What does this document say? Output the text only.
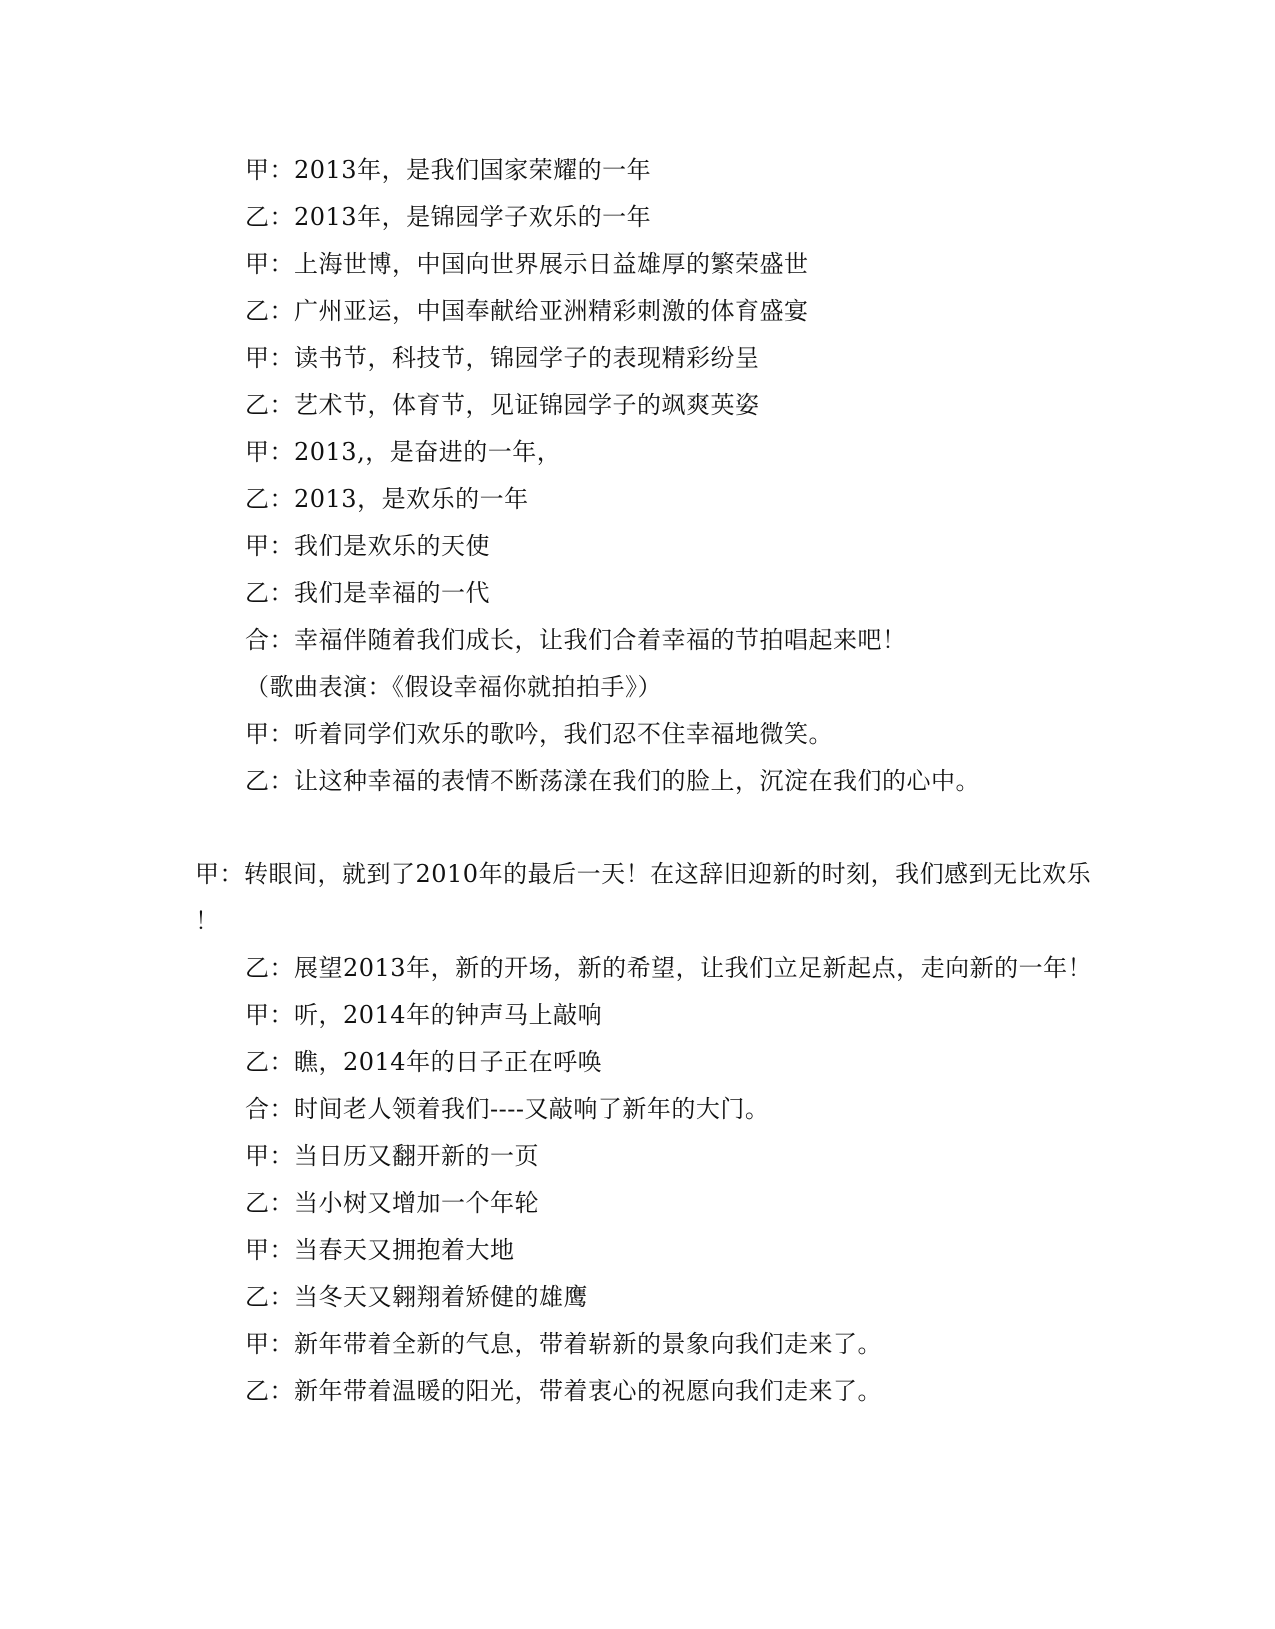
甲：2013年，是我们国家荣耀的一年
乙：2013年，是锦园学子欢乐的一年
甲：上海世博，中国向世界展示日益雄厚的繁荣盛世
乙：广州亚运，中国奉献给亚洲精彩刺激的体育盛宴
甲：读书节，科技节，锦园学子的表现精彩纷呈
乙：艺术节，体育节，见证锦园学子的飒爽英姿
甲：2013,，是奋进的一年，
乙：2013，是欢乐的一年
甲：我们是欢乐的天使
乙：我们是幸福的一代
合：幸福伴随着我们成长，让我们合着幸福的节拍唱起来吧！
（歌曲表演：《假设幸福你就拍拍手》）
甲：听着同学们欢乐的歌吟，我们忍不住幸福地微笑。
乙：让这种幸福的表情不断荡漾在我们的脸上，沉淀在我们的心中。
甲：转眼间，就到了2010年的最后一天！在这辞旧迎新的时刻，我们感到无比欢乐
！
乙：展望2013年，新的开场，新的希望，让我们立足新起点，走向新的一年！
甲：听，2014年的钟声马上敲响
乙：瞧，2014年的日子正在呼唤
合：时间老人领着我们----又敲响了新年的大门。
甲：当日历又翻开新的一页
乙：当小树又增加一个年轮
甲：当春天又拥抱着大地
乙：当冬天又翱翔着矫健的雄鹰
甲：新年带着全新的气息，带着崭新的景象向我们走来了。
乙：新年带着温暖的阳光，带着衷心的祝愿向我们走来了。
